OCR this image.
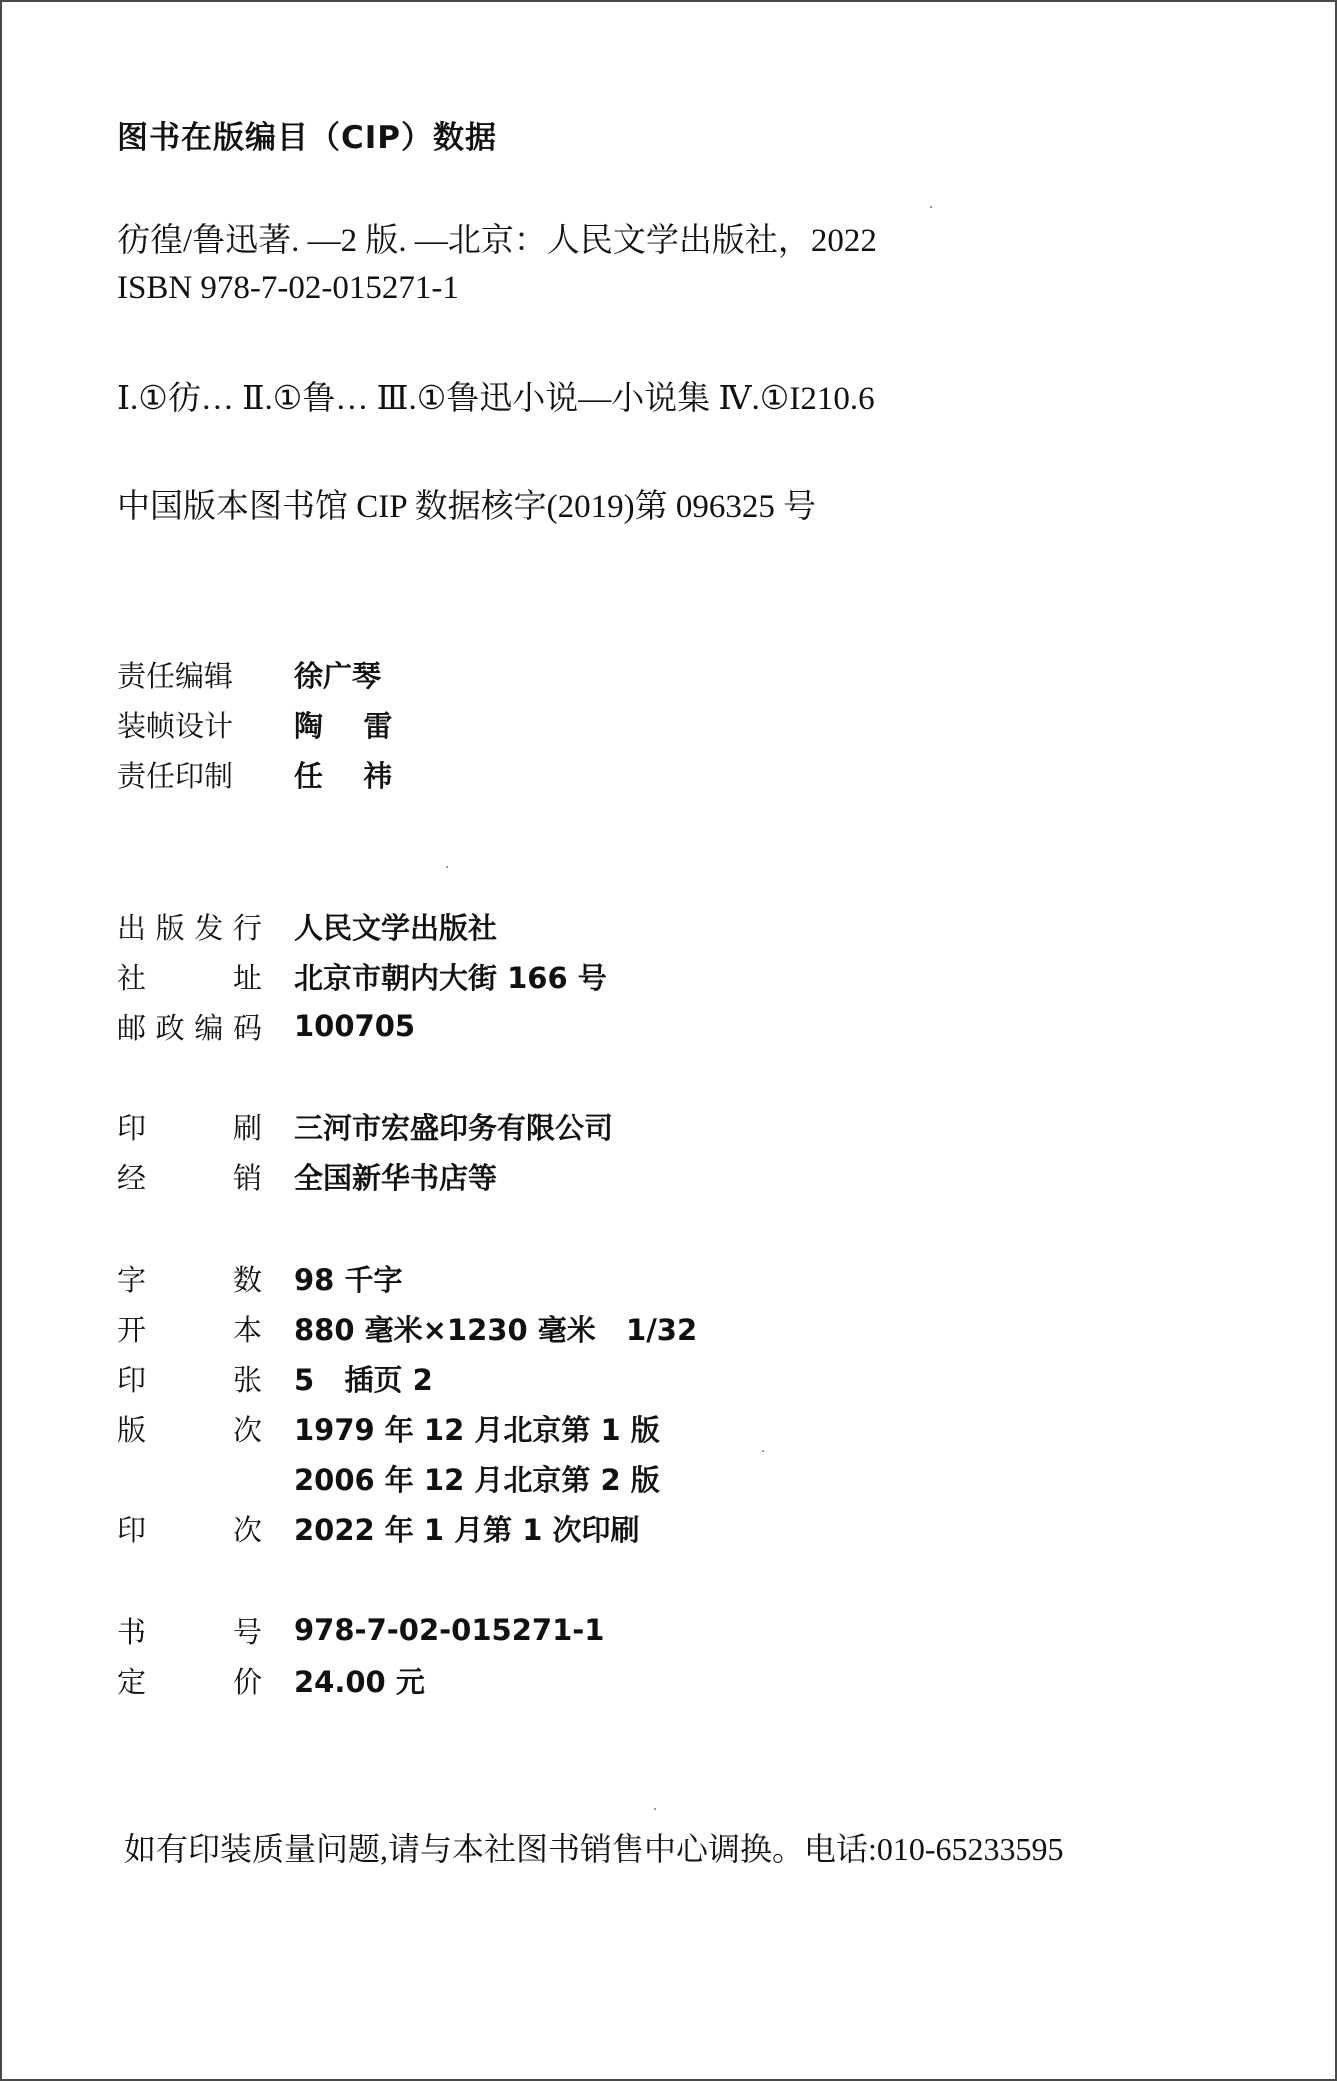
图书在版编目（CIP）数据
彷徨/鲁迅著. —2 版. —北京：人民文学出版社，2022
ISBN 978-7-02-015271-1
Ⅰ.①彷… Ⅱ.①鲁… Ⅲ.①鲁迅小说—小说集 Ⅳ.①I210.6
中国版本图书馆 CIP 数据核字(2019)第 096325 号
责任编辑	徐广琴
装帧设计	陶    雷
责任印制	任    祎
出 版 发 行 人民文学出版社
社	址 北京市朝内大街 166 号
邮 政 编 码 100705
印	刷 三河市宏盛印务有限公司
经	销 全国新华书店等
字	数 98 千字
开	本 880 毫米×1230 毫米   1/32
印	张 5   插页 2
版	次 1979 年 12 月北京第 1 版
2006 年 12 月北京第 2 版
印	次 2022 年 1 月第 1 次印刷
书	号 978-7-02-015271-1
定	价 24.00 元
如有印装质量问题,请与本社图书销售中心调换。电话:010-65233595
